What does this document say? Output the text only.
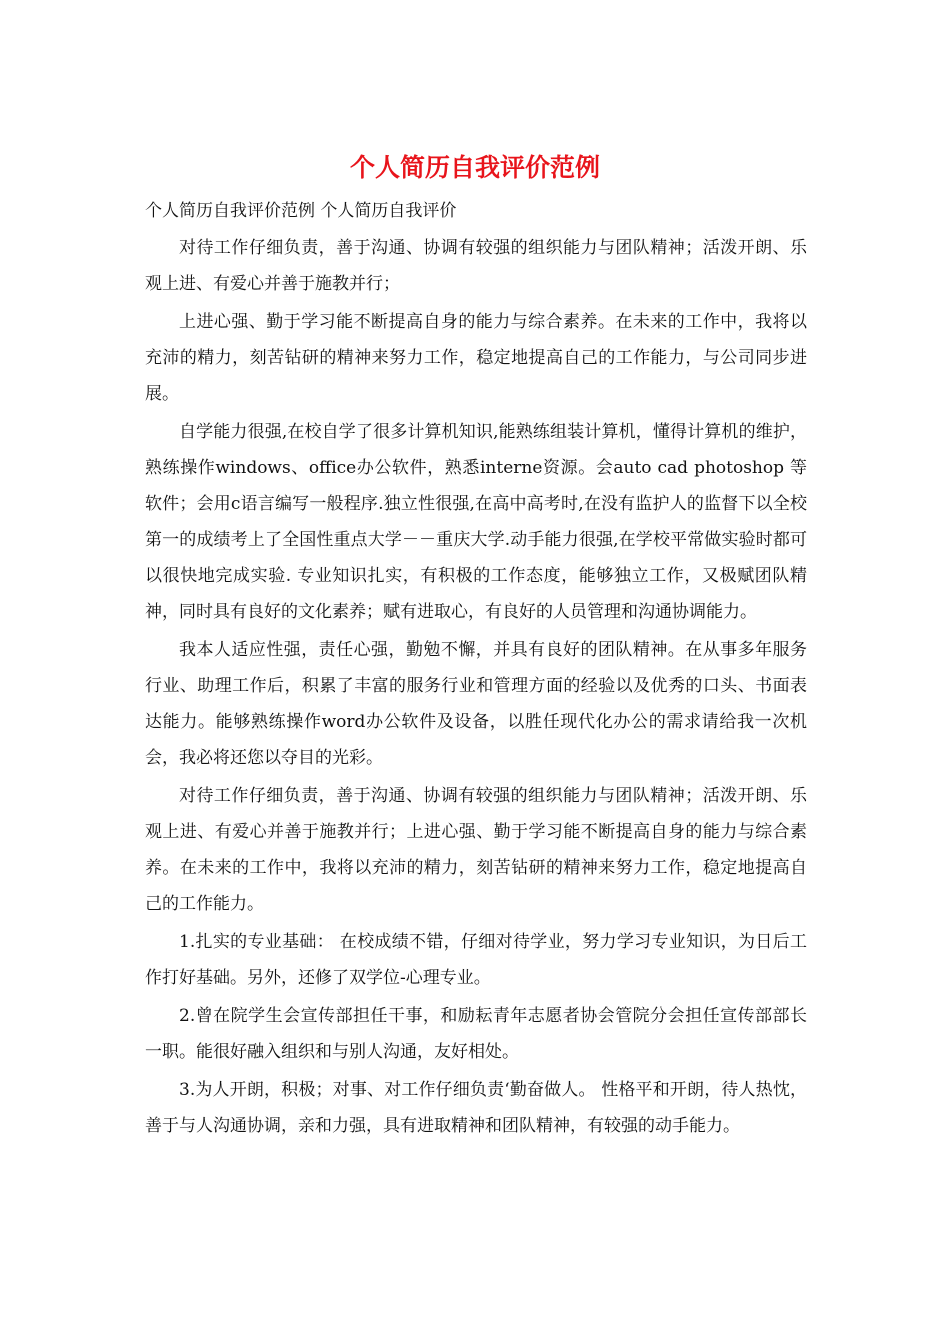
个人简历自我评价范例
个人简历自我评价范例 个人简历自我评价

对待工作仔细负责，善于沟通、协调有较强的组织能力与团队精神；活泼开朗、乐观上进、有爱心并善于施教并行；

上进心强、勤于学习能不断提高自身的能力与综合素养。在未来的工作中，我将以充沛的精力，刻苦钻研的精神来努力工作，稳定地提高自己的工作能力，与公司同步进展。

自学能力很强,在校自学了很多计算机知识,能熟练组装计算机，懂得计算机的维护，熟练操作windows、office办公软件，熟悉interne资源。会auto cad photoshop 等软件；会用c语言编写一般程序.独立性很强,在高中高考时,在没有监护人的监督下以全校第一的成绩考上了全国性重点大学－－重庆大学.动手能力很强,在学校平常做实验时都可以很快地完成实验. 专业知识扎实，有积极的工作态度，能够独立工作，又极赋团队精神，同时具有良好的文化素养；赋有进取心，有良好的人员管理和沟通协调能力。

我本人适应性强，责任心强，勤勉不懈，并具有良好的团队精神。在从事多年服务行业、助理工作后，积累了丰富的服务行业和管理方面的经验以及优秀的口头、书面表达能力。能够熟练操作word办公软件及设备，以胜任现代化办公的需求请给我一次机会，我必将还您以夺目的光彩。

对待工作仔细负责，善于沟通、协调有较强的组织能力与团队精神；活泼开朗、乐观上进、有爱心并善于施教并行；上进心强、勤于学习能不断提高自身的能力与综合素养。在未来的工作中，我将以充沛的精力，刻苦钻研的精神来努力工作，稳定地提高自己的工作能力。

1.扎实的专业基础： 在校成绩不错，仔细对待学业，努力学习专业知识，为日后工作打好基础。另外，还修了双学位-心理专业。

2.曾在院学生会宣传部担任干事，和励耘青年志愿者协会管院分会担任宣传部部长一职。能很好融入组织和与别人沟通，友好相处。

3.为人开朗，积极；对事、对工作仔细负责‘勤奋做人。 性格平和开朗，待人热忱，善于与人沟通协调，亲和力强，具有进取精神和团队精神，有较强的动手能力。
